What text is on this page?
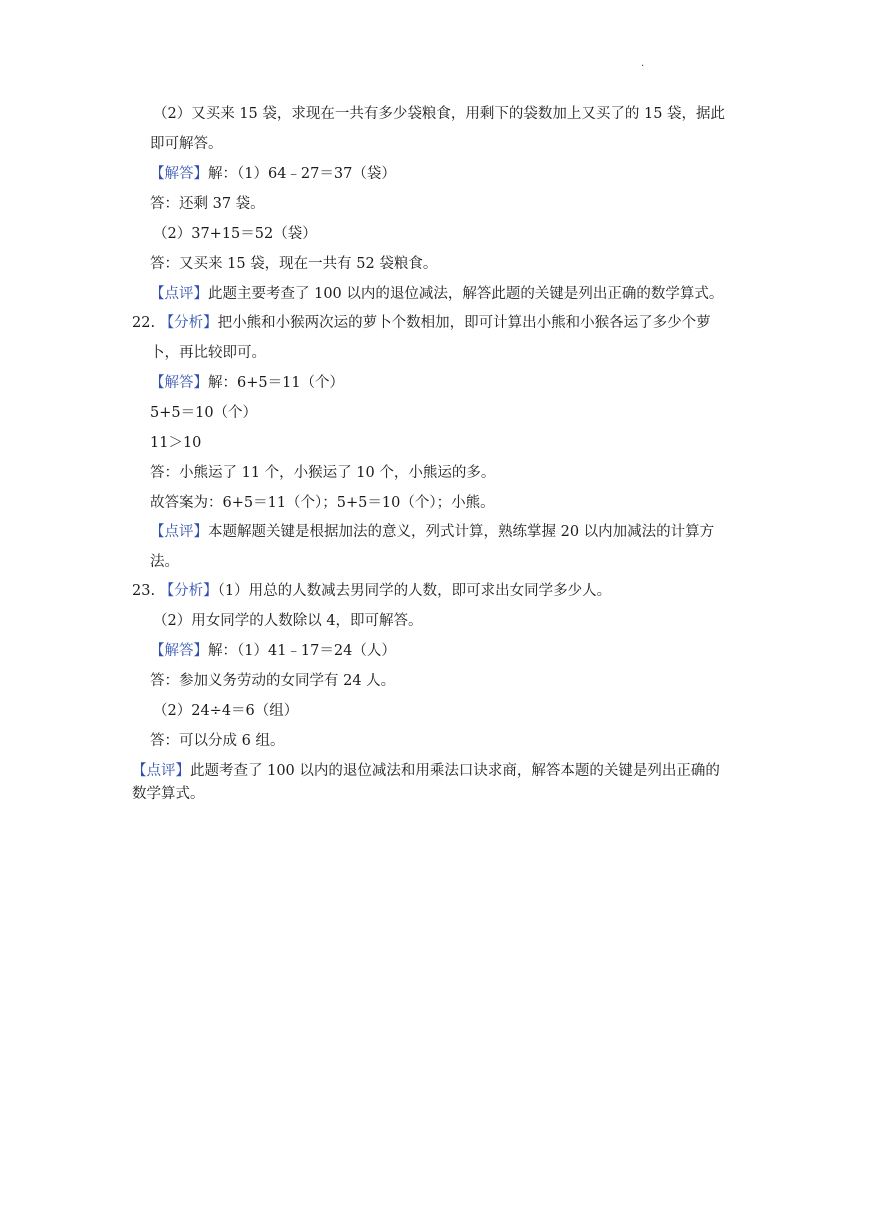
.
（2）又买来 15 袋，求现在一共有多少袋粮食，用剩下的袋数加上又买了的 15 袋，据此
即可解答。
【解答】解：（1）64﹣27＝37（袋）
答：还剩 37 袋。
（2）37+15＝52（袋）
答：又买来 15 袋，现在一共有 52 袋粮食。
【点评】此题主要考查了 100 以内的退位减法，解答此题的关键是列出正确的数学算式。
22. 【分析】把小熊和小猴两次运的萝卜个数相加，即可计算出小熊和小猴各运了多少个萝
卜，再比较即可。
【解答】解：6+5＝11（个）
5+5＝10（个）
11＞10
答：小熊运了 11 个，小猴运了 10 个，小熊运的多。
故答案为：6+5＝11（个）；5+5＝10（个）；小熊。
【点评】本题解题关键是根据加法的意义，列式计算，熟练掌握 20 以内加减法的计算方
法。
23. 【分析】（1）用总的人数减去男同学的人数，即可求出女同学多少人。
（2）用女同学的人数除以 4，即可解答。
【解答】解：（1）41﹣17＝24（人）
答：参加义务劳动的女同学有 24 人。
（2）24÷4＝6（组）
答：可以分成 6 组。
【点评】此题考查了 100 以内的退位减法和用乘法口诀求商，解答本题的关键是列出正确的
数学算式。
